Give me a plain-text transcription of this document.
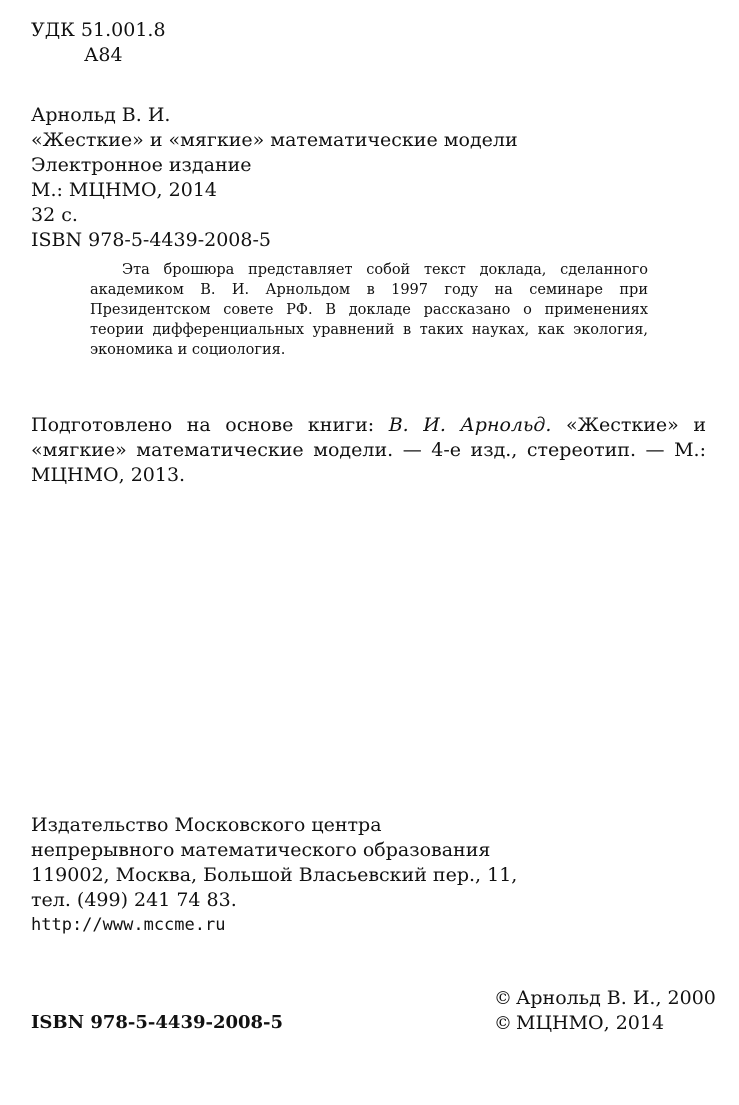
УДК 51.001.8
А84
Арнольд В. И.
«Жесткие» и «мягкие» математические модели
Электронное издание
М.: МЦНМО, 2014
32 с.
ISBN 978-5-4439-2008-5
Эта брошюра представляет собой текст доклада, сделанного академиком В. И. Арнольдом в 1997 году на семинаре при Президентском совете РФ. В докладе рассказано о применениях теории дифференциальных уравнений в таких науках, как экология, экономика и социология.
Подготовлено на основе книги: В. И. Арнольд. «Жесткие» и «мягкие» математические модели. — 4-е изд., стереотип. — М.: МЦНМО, 2013.
Издательство Московского центра
непрерывного математического образования
119002, Москва, Большой Власьевский пер., 11,
тел. (499) 241 74 83.
http://www.mccme.ru
ISBN 978-5-4439-2008-5
© Арнольд В. И., 2000
© МЦНМО, 2014
